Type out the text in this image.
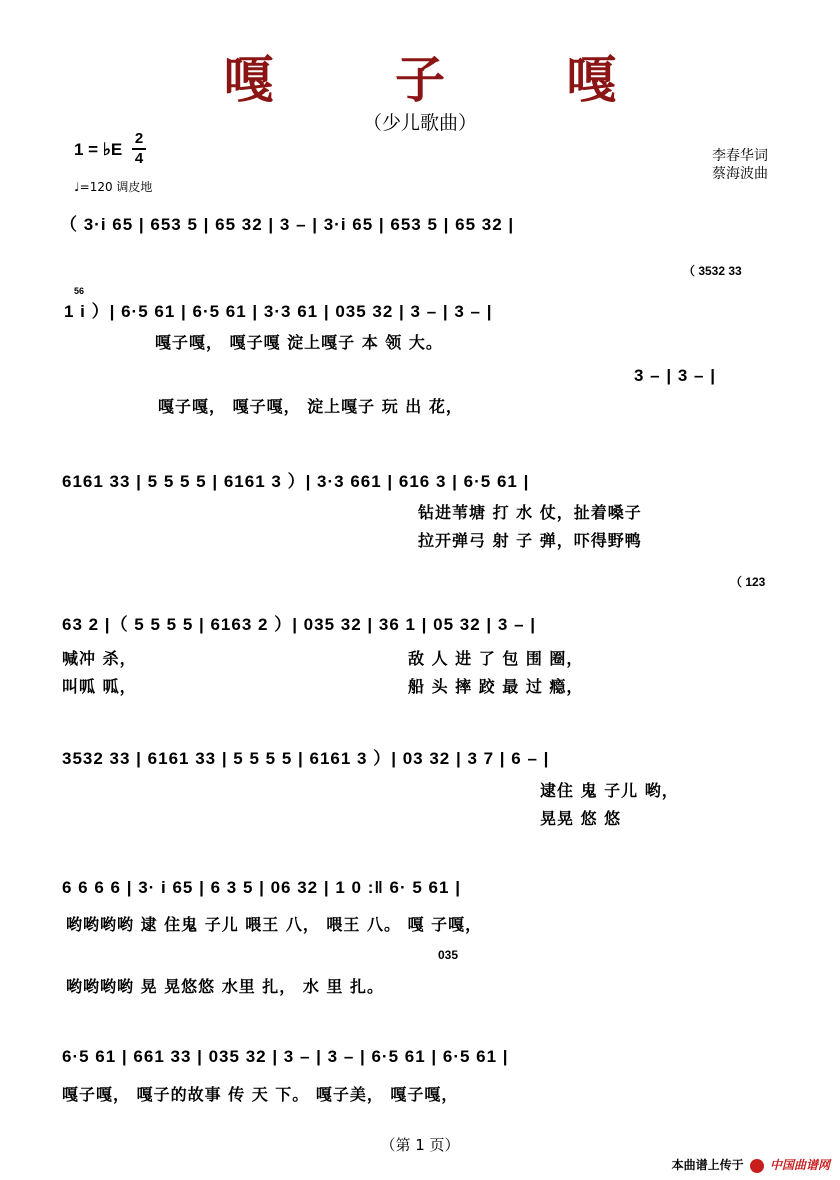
嘎 子 嘎
（少儿歌曲）
1 = ♭E
2
4
♩=120 调皮地
李春华词
蔡海波曲
（ 3·i 65 | 653 5 | 65 32 | 3 – | 3·i 65 | 653 5 | 65 32 |
（ 3532 33
56
1 i ）| 6·5 61 | 6·5 61 | 3·3 61 | 035 32 | 3 – | 3 – |
嘎子嘎， 嘎子嘎 淀上嘎子 本 领 大。
3 – | 3 – |
嘎子嘎， 嘎子嘎， 淀上嘎子 玩 出 花，
6161 33 | 5 5 5 5 | 6161 3 ）| 3·3 661 | 616 3 | 6·5 61 |
钻进苇塘 打 水 仗，扯着嗓子
拉开弹弓 射 子 弹，吓得野鸭
（ 123
63 2 |（ 5 5 5 5 | 6163 2 ）| 035 32 | 36 1 | 05 32 | 3 – |
喊冲 杀，
叫呱 呱，
敌 人 进 了 包 围 圈，
船 头 摔 跤 最 过 瘾，
3532 33 | 6161 33 | 5 5 5 5 | 6161 3 ）| 03 32 | 3 7 | 6 – |
逮住 鬼 子儿 哟，
晃晃 悠 悠
6 6 6 6 | 3· i 65 | 6 3 5 | 06 32 | 1 0 :‖ 6· 5 61 |
哟哟哟哟 逮 住鬼 子儿 喂王 八， 喂王 八。 嘎 子嘎，
035
哟哟哟哟 晃 晃悠悠 水里 扎， 水 里 扎。
6·5 61 | 661 33 | 035 32 | 3 – | 3 – | 6·5 61 | 6·5 61 |
嘎子嘎， 嘎子的故事 传 天 下。 嘎子美， 嘎子嘎，
（第 1 页）
本曲谱上传于 中国曲谱网
